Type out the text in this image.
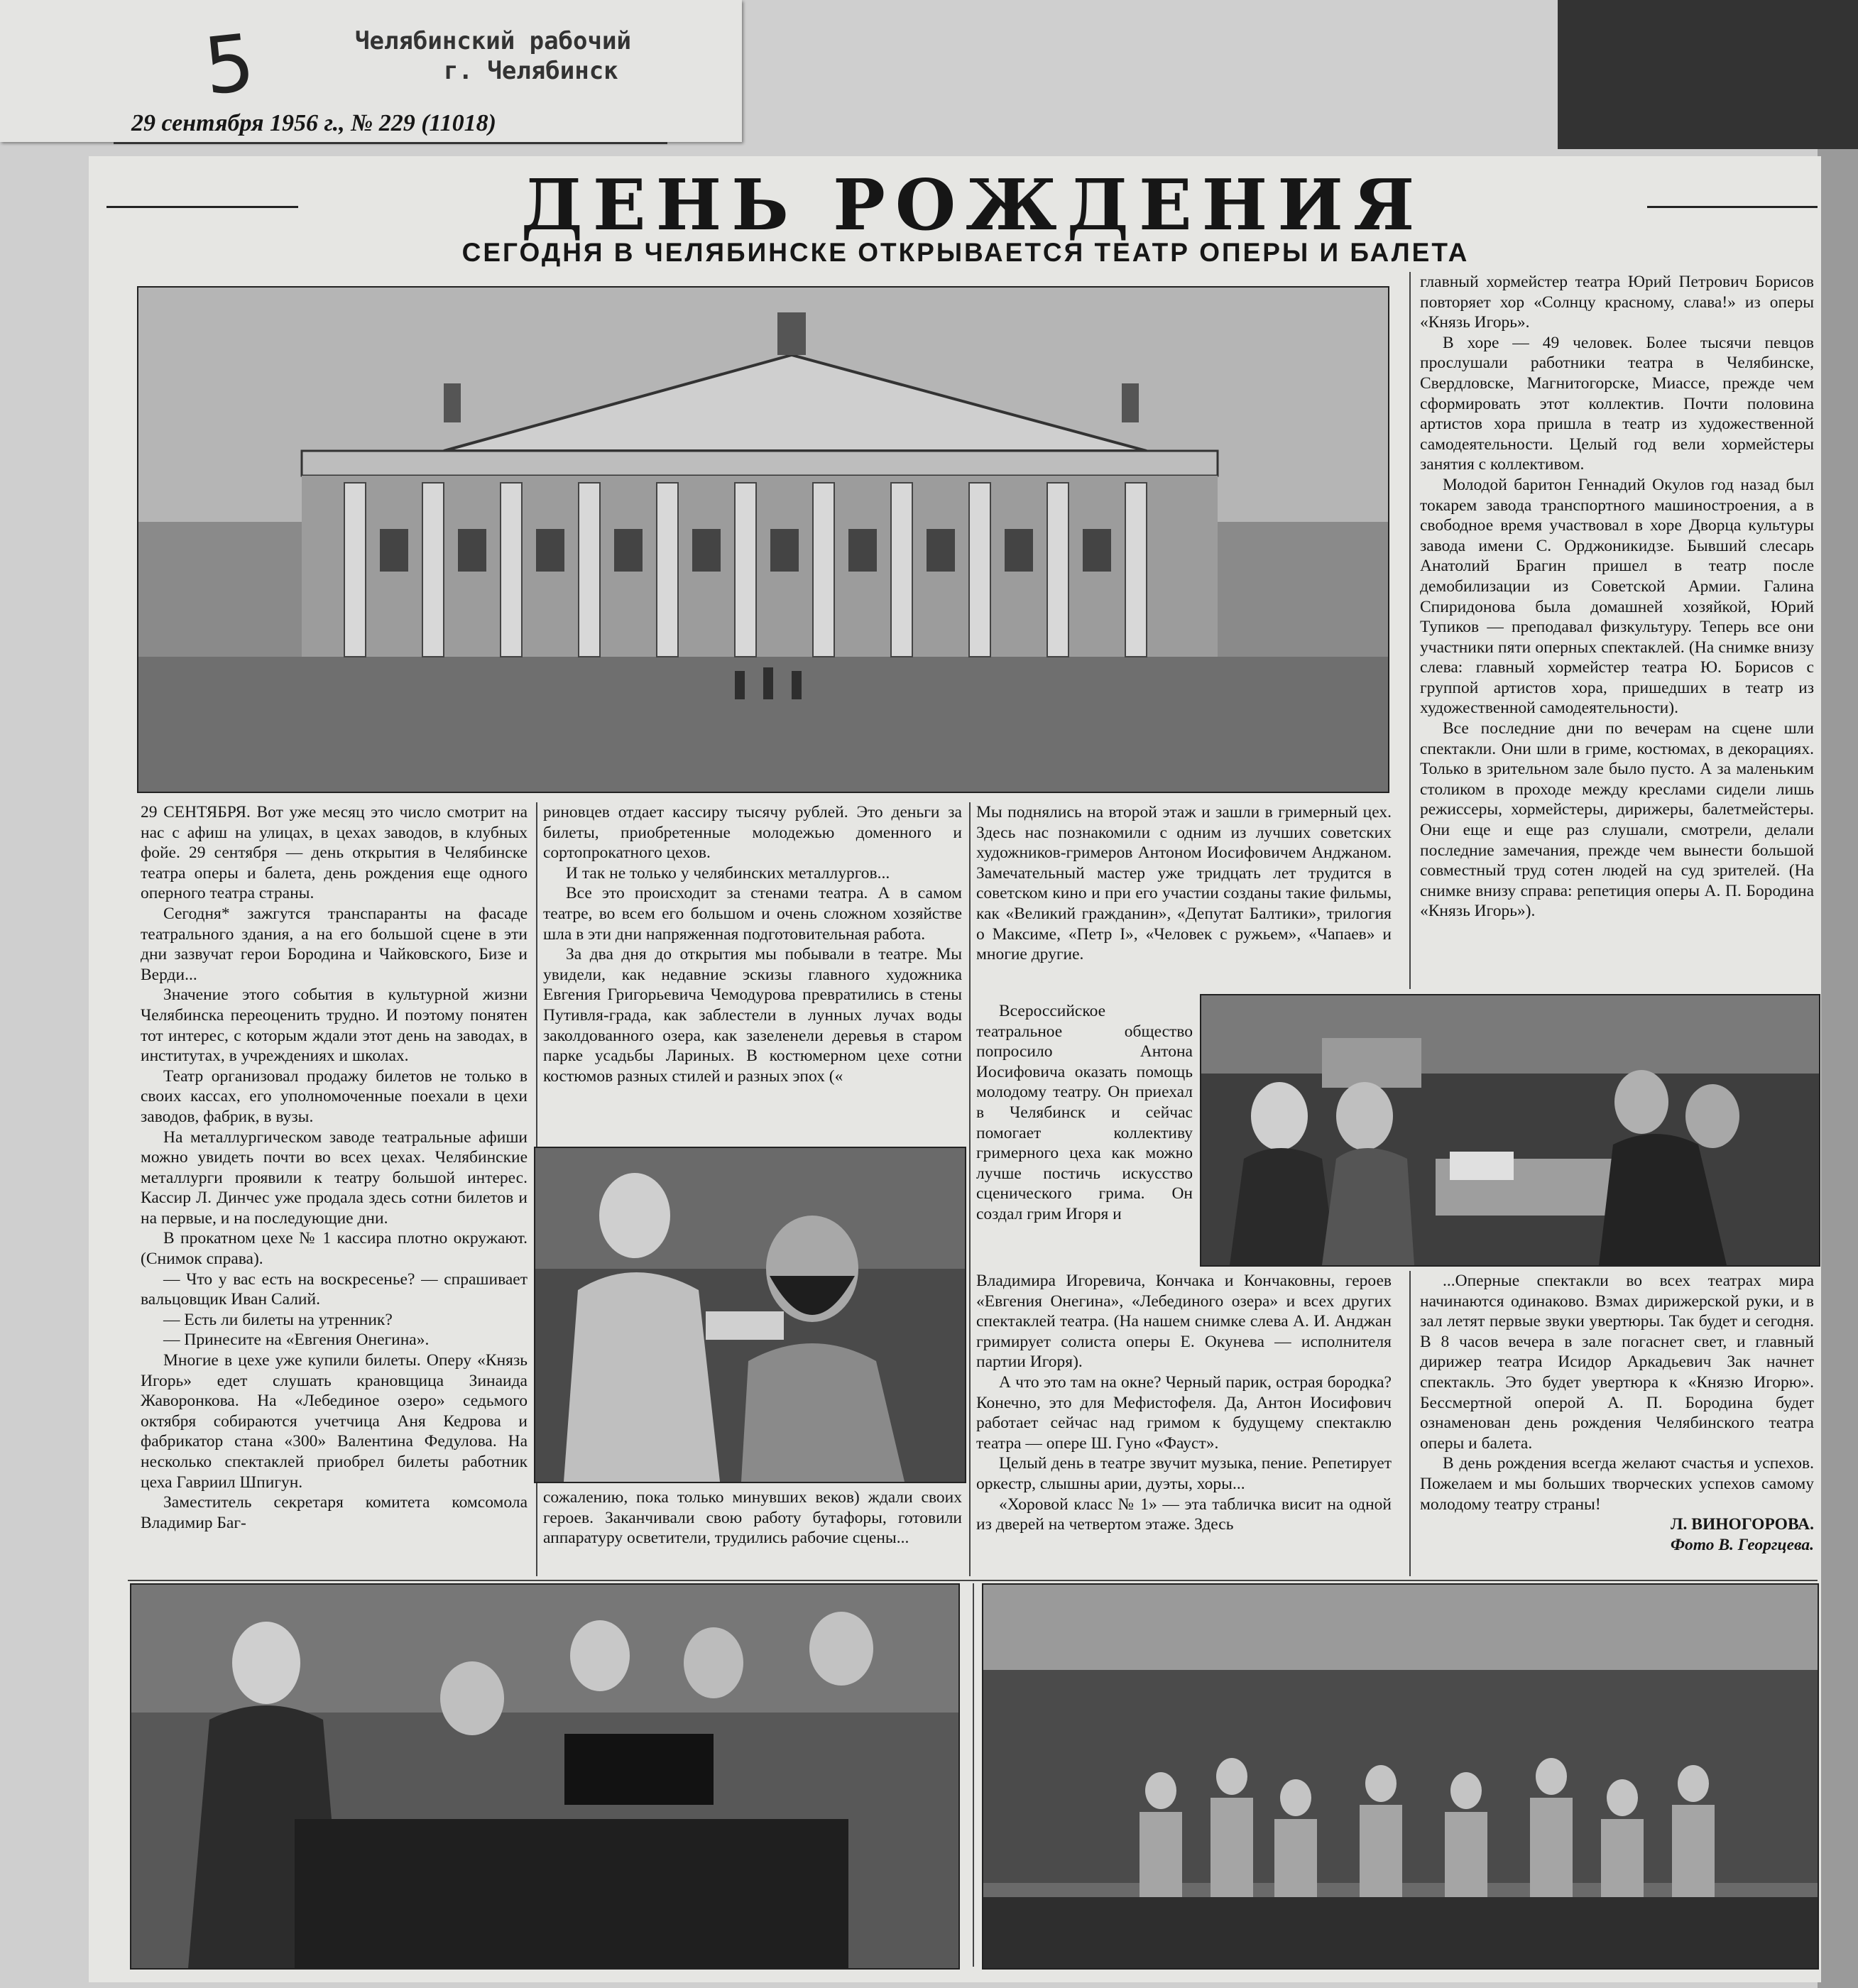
5	Челябинский рабочий
г. Челябинск
29 сентября 1956 г., № 229 (11018)
ДЕНЬ РОЖДЕНИЯ
СЕГОДНЯ В ЧЕЛЯБИНСКЕ ОТКРЫВАЕТСЯ ТЕАТР ОПЕРЫ И БАЛЕТА

29 СЕНТЯБРЯ. Вот уже месяц это число смотрит на нас с афиш на улицах, в цехах заводов, в клубных фойе. 29 сентября — день открытия в Челябинске театра оперы и балета, день рождения еще одного оперного театра страны.

Сегодня* зажгутся транспаранты на фасаде театрального здания, а на его большой сцене в эти дни зазвучат герои Бородина и Чайковского, Бизе и Верди...

Значение этого события в культурной жизни Челябинска переоценить трудно. И поэтому понятен тот интерес, с которым ждали этот день на заводах, в институтах, в учреждениях и школах.

Театр организовал продажу билетов не только в своих кассах, его уполномоченные поехали в цехи заводов, фабрик, в вузы.

На металлургическом заводе театральные афиши можно увидеть почти во всех цехах. Челябинские металлурги проявили к театру большой интерес. Кассир Л. Динчес уже продала здесь сотни билетов и на первые, и на последующие дни.

В прокатном цехе № 1 кассира плотно окружают. (Снимок справа).

— Что у вас есть на воскресенье? — спрашивает вальцовщик Иван Салий.

— Есть ли билеты на утренник?

— Принесите на «Евгения Онегина».

Многие в цехе уже купили билеты. Оперу «Князь Игорь» едет слушать крановщица Зинаида Жаворонкова. На «Лебединое озеро» седьмого октября собираются учетчица Аня Кедрова и фабрикатор стана «300» Валентина Федулова. На несколько спектаклей приобрел билеты работник цеха Гавриил Шпигун.

Заместитель секретаря комитета комсомола Владимир Баг-

риновцев отдает кассиру тысячу рублей. Это деньги за билеты, приобретенные молодежью доменного и сортопрокатного цехов.

И так не только у челябинских металлургов...

Все это происходит за стенами театра. А в самом театре, во всем его большом и очень сложном хозяйстве шла в эти дни напряженная подготовительная работа.

За два дня до открытия мы побывали в театре. Мы увидели, как недавние эскизы главного художника Евгения Григорьевича Чемодурова превратились в стены Путивля-града, как заблестели в лунных лучах воды заколдованного озера, как зазеленели деревья в старом парке усадьбы Лариных. В костюмерном цехе сотни костюмов разных стилей и разных эпох («

сожалению, пока только минувших веков) ждали своих героев. Заканчивали свою работу бутафоры, готовили аппаратуру осветители, трудились рабочие сцены...

Мы поднялись на второй этаж и зашли в гримерный цех. Здесь нас познакомили с одним из лучших советских художников-гримеров Антоном Иосифовичем Анджаном. Замечательный мастер уже тридцать лет трудится в советском кино и при его участии созданы такие фильмы, как «Великий гражданин», «Депутат Балтики», трилогия о Максиме, «Петр I», «Человек с ружьем», «Чапаев» и многие другие.

Всероссийское театральное общество попросило Антона Иосифовича оказать помощь молодому театру. Он приехал в Челябинск и сейчас помогает коллективу гримерного цеха как можно лучше постичь искусство сценического грима. Он создал грим Игоря и

Владимира Игоревича, Кончака и Кончаковны, героев «Евгения Онегина», «Лебединого озера» и всех других спектаклей театра. (На нашем снимке слева А. И. Анджан гримирует солиста оперы Е. Окунева — исполнителя партии Игоря).

А что это там на окне? Черный парик, острая бородка? Конечно, это для Мефистофеля. Да, Антон Иосифович работает сейчас над гримом к будущему спектаклю театра — опере Ш. Гуно «Фауст».

Целый день в театре звучит музыка, пение. Репетирует оркестр, слышны арии, дуэты, хоры...

«Хоровой класс № 1» — эта табличка висит на одной из дверей на четвертом этаже. Здесь

главный хормейстер театра Юрий Петрович Борисов повторяет хор «Солнцу красному, слава!» из оперы «Князь Игорь».

В хоре — 49 человек. Более тысячи певцов прослушали работники театра в Челябинске, Свердловске, Магнитогорске, Миассе, прежде чем сформировать этот коллектив. Почти половина артистов хора пришла в театр из художественной самодеятельности. Целый год вели хормейстеры занятия с коллективом.

Молодой баритон Геннадий Окулов год назад был токарем завода транспортного машиностроения, а в свободное время участвовал в хоре Дворца культуры завода имени С. Орджоникидзе. Бывший слесарь Анатолий Брагин пришел в театр после демобилизации из Советской Армии. Галина Спиридонова была домашней хозяйкой, Юрий Тупиков — преподавал физкультуру. Теперь все они участники пяти оперных спектаклей. (На снимке внизу слева: главный хормейстер театра Ю. Борисов с группой артистов хора, пришедших в театр из художественной самодеятельности).

Все последние дни по вечерам на сцене шли спектакли. Они шли в гриме, костюмах, в декорациях. Только в зрительном зале было пусто. А за маленьким столиком в проходе между креслами сидели лишь режиссеры, хормейстеры, дирижеры, балетмейстеры. Они еще и еще раз слушали, смотрели, делали последние замечания, прежде чем вынести большой совместный труд сотен людей на суд зрителей. (На снимке внизу справа: репетиция оперы А. П. Бородина «Князь Игорь»).

...Оперные спектакли во всех театрах мира начинаются одинаково. Взмах дирижерской руки, и в зал летят первые звуки увертюры. Так будет и сегодня. В 8 часов вечера в зале погаснет свет, и главный дирижер театра Исидор Аркадьевич Зак начнет спектакль. Это будет увертюра к «Князю Игорю». Бессмертной оперой А. П. Бородина будет ознаменован день рождения Челябинского театра оперы и балета.

В день рождения всегда желают счастья и успехов. Пожелаем и мы больших творческих успехов самому молодому театру страны!

Л. ВИНОГОРОВА.

Фото В. Георгцева.
